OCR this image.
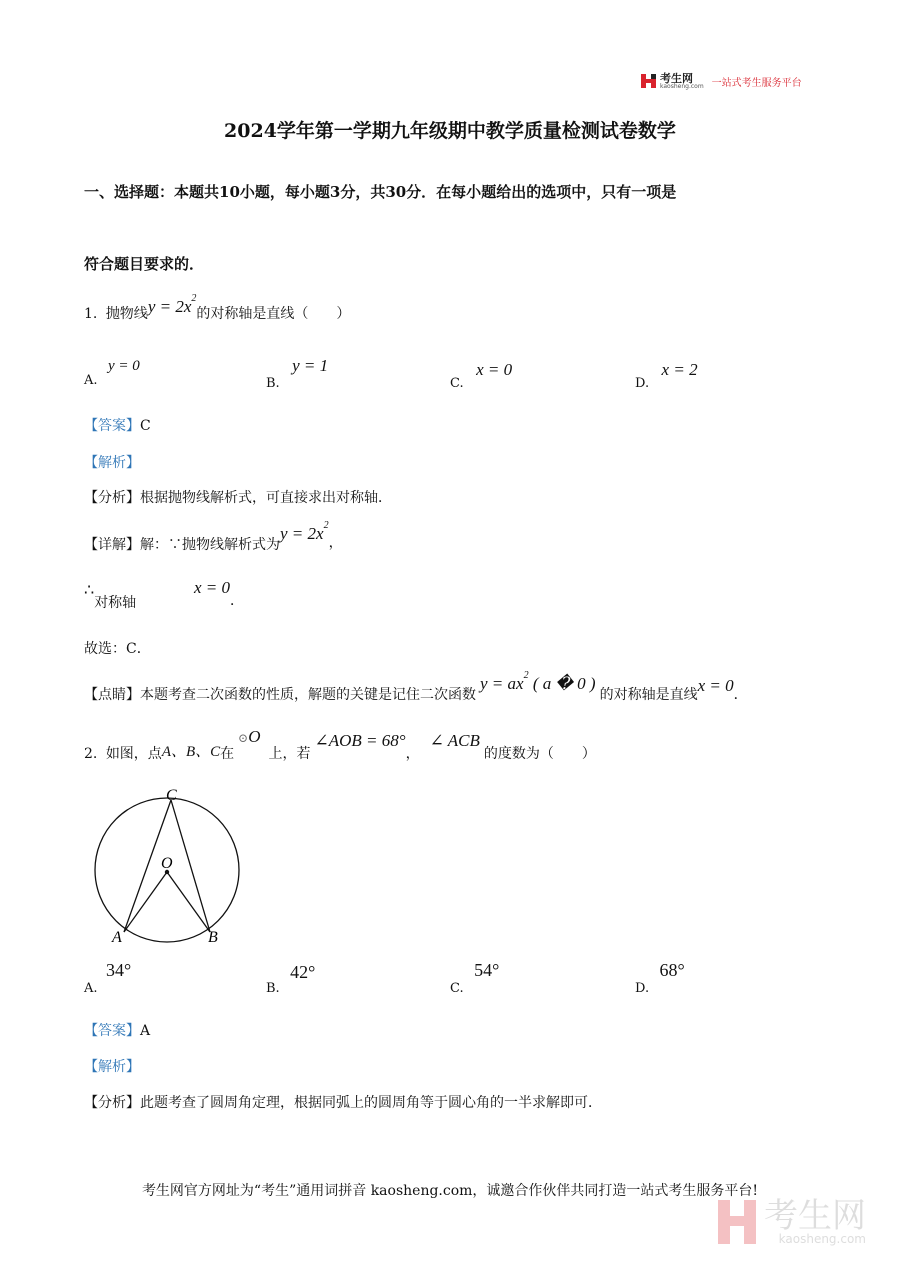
考生网
kaosheng.com 一站式考生服务平台
2024学年第一学期九年级期中教学质量检测试卷数学
一、选择题：本题共10小题，每小题3分，共30分．在每小题给出的选项中，只有一项是
符合题目要求的．
1. 抛物线$y = 2x^2$的对称轴是直线（　　）
A. y = 0
B. y = 1
C. x = 0
D. x = 2
【答案】C
【解析】
【分析】根据抛物线解析式，可直接求出对称轴．
【详解】解：∵抛物线解析式为$y = 2x^2$，
∴对称轴
x = 0．
故选：C．
【点睛】本题考查二次函数的性质，解题的关键是记住二次函数$y = ax^2$ ( a � 0 )的对称轴是直线x = 0．
2. 如图，点A、B、C在⊙O上，若∠AOB = 68°，∠ ACB的度数为（　　）
C
O
A	B
A. 34°
B. 42°
C. 54°
D. 68°
【答案】A
【解析】
【分析】此题考查了圆周角定理，根据同弧上的圆周角等于圆心角的一半求解即可．
考生网官方网址为“考生”通用词拼音 kaosheng.com，诚邀合作伙伴共同打造一站式考生服务平台!
考生网
kaosheng.com
